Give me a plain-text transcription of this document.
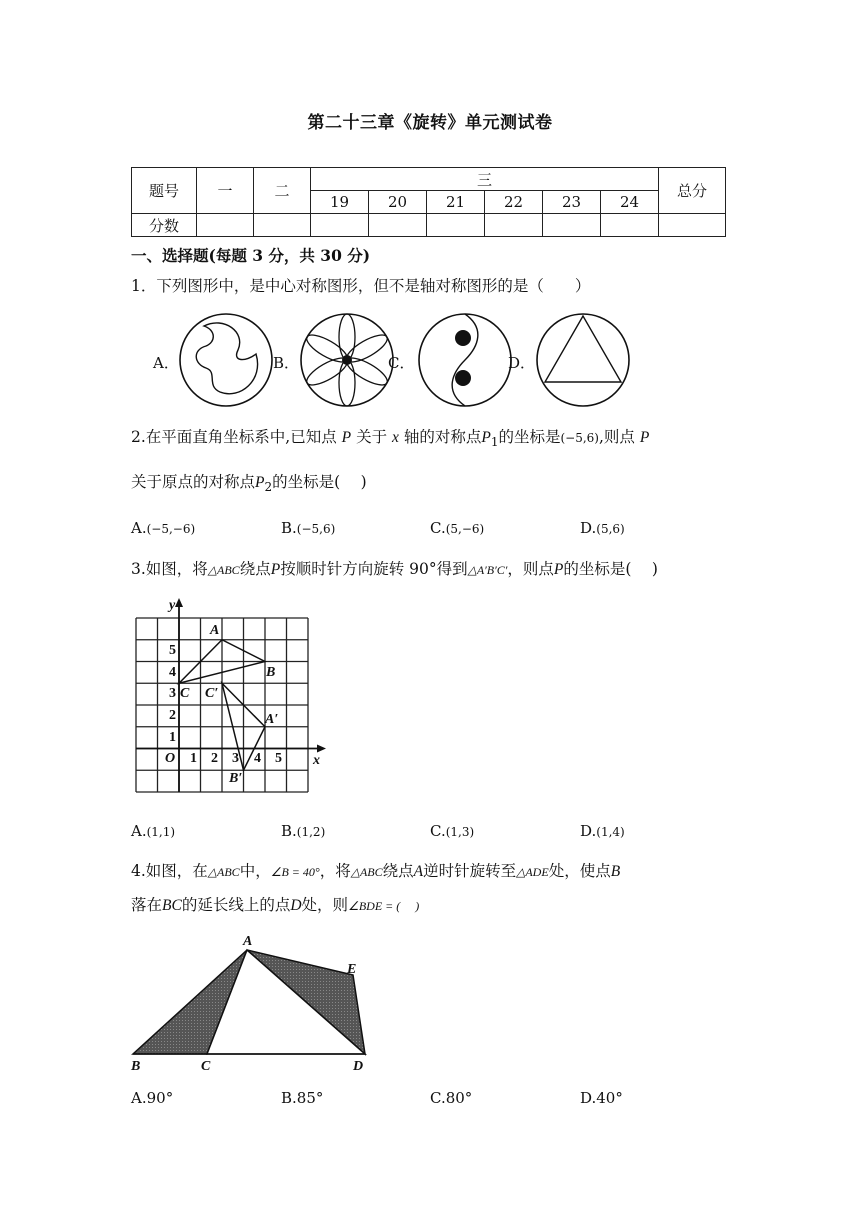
第二十三章《旋转》单元测试卷
题号	一	二	三						总分
			19	20	21	22	23	24	
分数									
一、选择题(每题 3 分，共 30 分)
1．下列图形中，是中心对称图形，但不是轴对称图形的是（　　）
A．	B．	C．	D．
2.在平面直角坐标系中,已知点 P 关于 x 轴的对称点$P_1$的坐标是(−5,6),则点 P
关于原点的对称点$P_2$的坐标是(　 )
A.(−5,−6)	B.(−5,6)	C.(5,−6)	D.(5,6)
3.如图，将△ABC绕点P按顺时针方向旋转 90°得到△A′B′C′，则点P的坐标是(　 )
y
x
O 1 2 3 4 5
1
2
3
4
5
A
B
C C′
A′
B′
A.(1,1)	B.(1,2)	C.(1,3)	D.(1,4)
4.如图，在△ABC中，∠B = 40°，将△ABC绕点A逆时针旋转至△ADE处，使点B
落在BC的延长线上的点D处，则∠BDE = (　 )
A
B	C	D
E
A.90°	B.85°	C.80°	D.40°
